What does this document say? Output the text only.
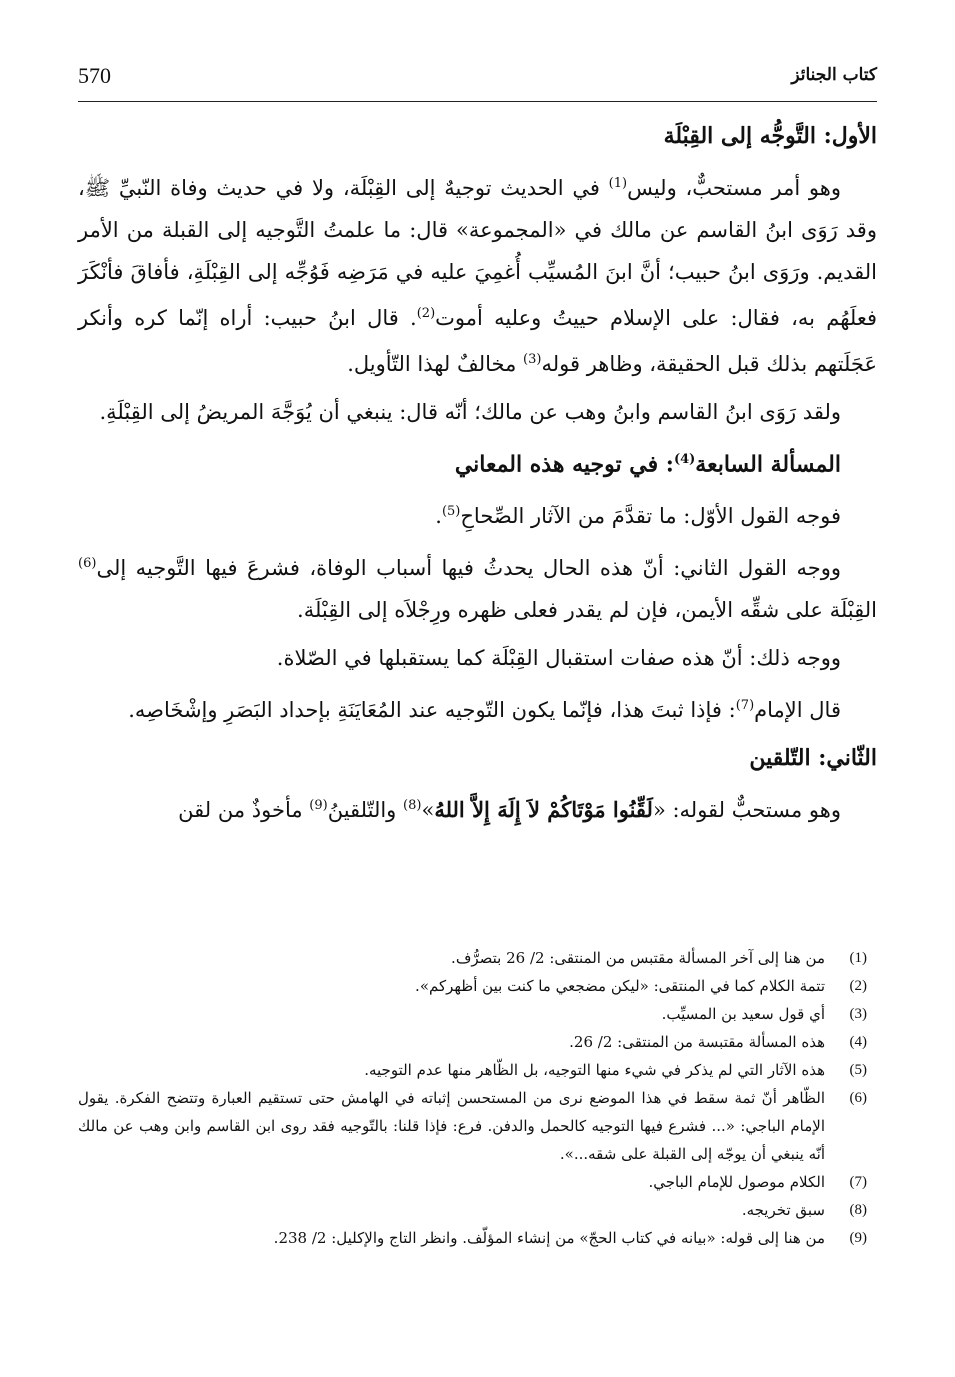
570	كتاب الجنائز

الأول: التَّوجُّه إلى القِبْلَة

وهو أمر مستحبٌّ، وليس$^{(1)}$ في الحديث توجيهٌ إلى القِبْلَة، ولا في حديث وفاة النّبيِّ ﷺ، وقد رَوَى ابنُ القاسم عن مالك في «المجموعة» قال: ما علمتُ التَّوجيه إلى القبلة من الأمر القديم. ورَوَى ابنُ حبيب؛ أنَّ ابنَ المُسيِّب أُغمِيَ عليه في مَرَضِه فَوُجِّه إلى القِبْلَةِ، فأفاقَ فأنْكَرَ فعلَهُم به، فقال: على الإسلام حييتُ وعليه أموت$^{(2)}$. قال ابنُ حبيب: أراه إنّما كره وأنكر عَجَلَتهم بذلك قبل الحقيقة، وظاهر قوله$^{(3)}$ مخالفٌ لهذا التّأويل.

ولقد رَوَى ابنُ القاسم وابنُ وهب عن مالك؛ أنّه قال: ينبغي أن يُوَجَّهَ المريضُ إلى القِبْلَةِ.

المسألة السابعة$^{(4)}$: في توجيه هذه المعاني

فوجه القول الأوّل: ما تقدَّمَ من الآثار الصِّحاحِ$^{(5)}$.

ووجه القول الثاني: أنّ هذه الحال يحدثُ فيها أسباب الوفاة، فشرعَ فيها التَّوجيه إلى$^{(6)}$ القِبْلَة على شقِّه الأيمن، فإن لم يقدر فعلى ظهره ورِجْلاَه إلى القِبْلَة.

ووجه ذلك: أنّ هذه صفات استقبال القِبْلَة كما يستقبلها في الصّلاة.

قال الإمام$^{(7)}$: فإذا ثبتَ هذا، فإنّما يكون التّوجيه عند المُعَايَنَةِ بإحداد البَصَرِ وإشْخَاصِه.

الثّاني: التّلقين

وهو مستحبٌّ لقوله: «لَقِّنُوا مَوْتَاكُمْ لاَ إِلَهَ إِلاَّ اللهُ»$^{(8)}$ والتّلقينُ$^{(9)}$ مأخوذٌ من لقن

(1)
من هنا إلى آخر المسألة مقتبس من المنتقى: 2/ 26 بتصرُّف.
(2)
تتمة الكلام كما في المنتقى: «ليكن مضجعي ما كنت بين أظهركم».
(3)
أي قول سعيد بن المسيِّب.
(4)
هذه المسألة مقتبسة من المنتقى: 2/ 26.
(5)
هذه الآثار التي لم يذكر في شيء منها التوجيه، بل الظّاهر منها عدم التوجيه.
(6)
الظّاهر أنّ ثمة سقط في هذا الموضع نرى من المستحسن إثباته في الهامش حتى تستقيم العبارة وتتضح الفكرة. يقول الإمام الباجي: «... فشرع فيها التوجيه كالحمل والدفن. فرع: فإذا قلنا: بالتّوجيه فقد روى ابن القاسم وابن وهب عن مالك أنّه ينبغي أن يوجّه إلى القبلة على شقه...».
(7)
الكلام موصول للإمام الباجي.
(8)
سبق تخريجه.
(9)
من هنا إلى قوله: «بيانه في كتاب الحجّ» من إنشاء المؤلّف. وانظر التاج والإكليل: 2/ 238.
